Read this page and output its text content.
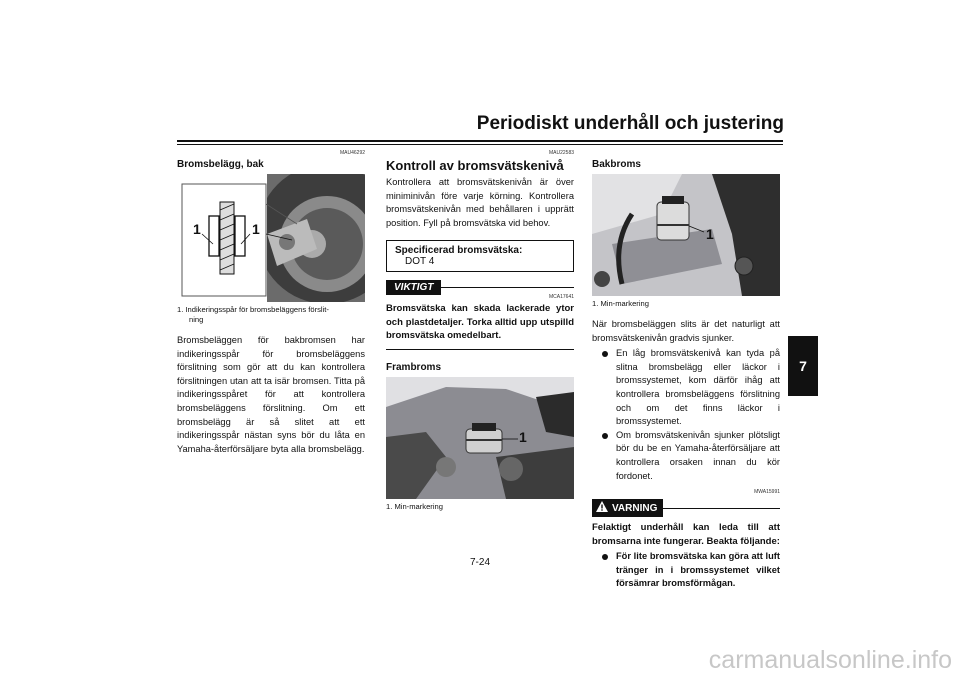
Periodiskt underhåll och justering
7
MAU46292
Bromsbelägg, bak
1	1
1. Indikeringsspår för bromsbeläggens förslit-
ning
Bromsbeläggen för bakbromsen har indikeringsspår för bromsbeläggens förslitning som gör att du kan kontrollera förslitningen utan att ta isär bromsen. Titta på indikeringsspåret för att kontrollera bromsbeläggens förslitning. Om ett bromsbelägg är så slitet att ett indikeringsspår nästan syns bör du låta en Yamaha-återförsäljare byta alla bromsbelägg.
MAU22583
Kontroll av bromsvätskenivå
Kontrollera att bromsvätskenivån är över miniminivån före varje körning. Kontrollera bromsvätskenivån med behållaren i upprätt position. Fyll på bromsvätska vid behov.
Specificerad bromsvätska:
DOT 4
VIKTIGT
MCA17641
Bromsvätska kan skada lackerade ytor och plastdetaljer. Torka alltid upp utspilld bromsvätska omedelbart.
Frambroms
1
1. Min-markering
Bakbroms
1
1. Min-markering
När bromsbeläggen slits är det naturligt att bromsvätskenivån gradvis sjunker.
En låg bromsvätskenivå kan tyda på slitna bromsbelägg eller läckor i bromssystemet, kom därför ihåg att kontrollera bromsbeläggens förslitning och om det finns läckor i bromssystemet.
Om bromsvätskenivån sjunker plötsligt bör du be en Yamaha-återförsäljare att kontrollera orsaken innan du kör fordonet.
MWA15991
VARNING
Felaktigt underhåll kan leda till att bromsarna inte fungerar. Beakta följande:
För lite bromsvätska kan göra att luft tränger in i bromssystemet vilket försämrar bromsförmågan.
7-24
carmanualsonline.info
